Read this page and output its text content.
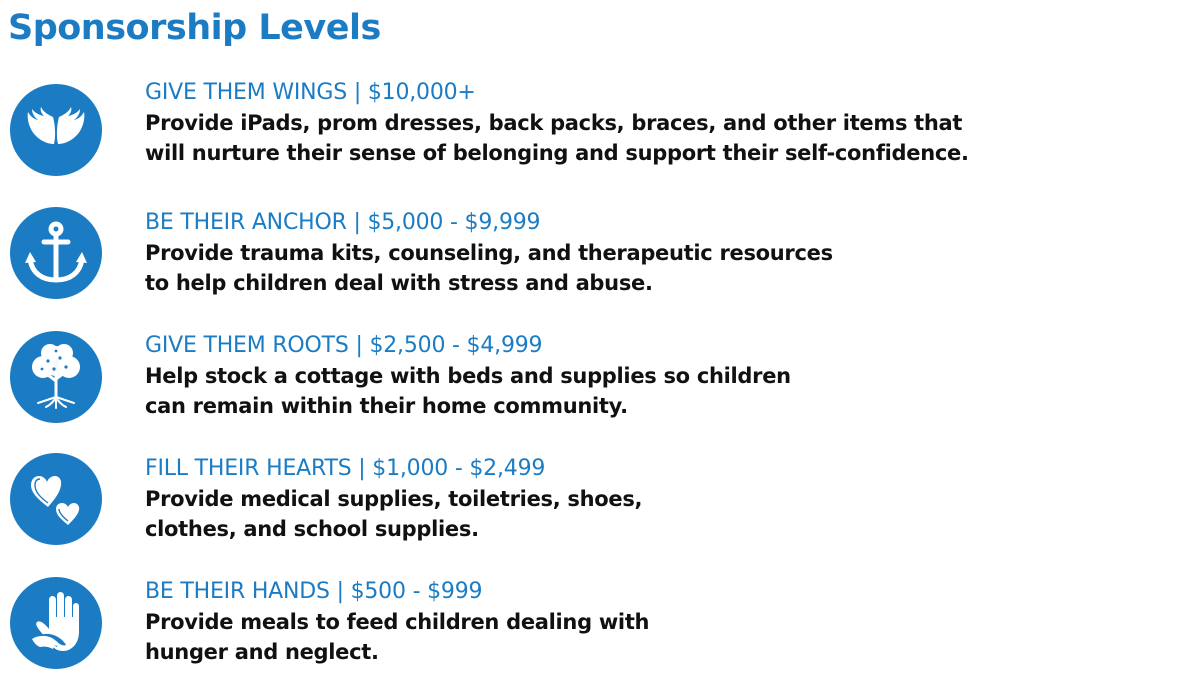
Sponsorship Levels
GIVE THEM WINGS | $10,000+
Provide iPads, prom dresses, back packs, braces, and other items that
will nurture their sense of belonging and support their self-confidence.
BE THEIR ANCHOR | $5,000 - $9,999
Provide trauma kits, counseling, and therapeutic resources
to help children deal with stress and abuse.
GIVE THEM ROOTS | $2,500 - $4,999
Help stock a cottage with beds and supplies so children
can remain within their home community.
FILL THEIR HEARTS | $1,000 - $2,499
Provide medical supplies, toiletries, shoes,
clothes, and school supplies.
BE THEIR HANDS | $500 - $999
Provide meals to feed children dealing with
hunger and neglect.
